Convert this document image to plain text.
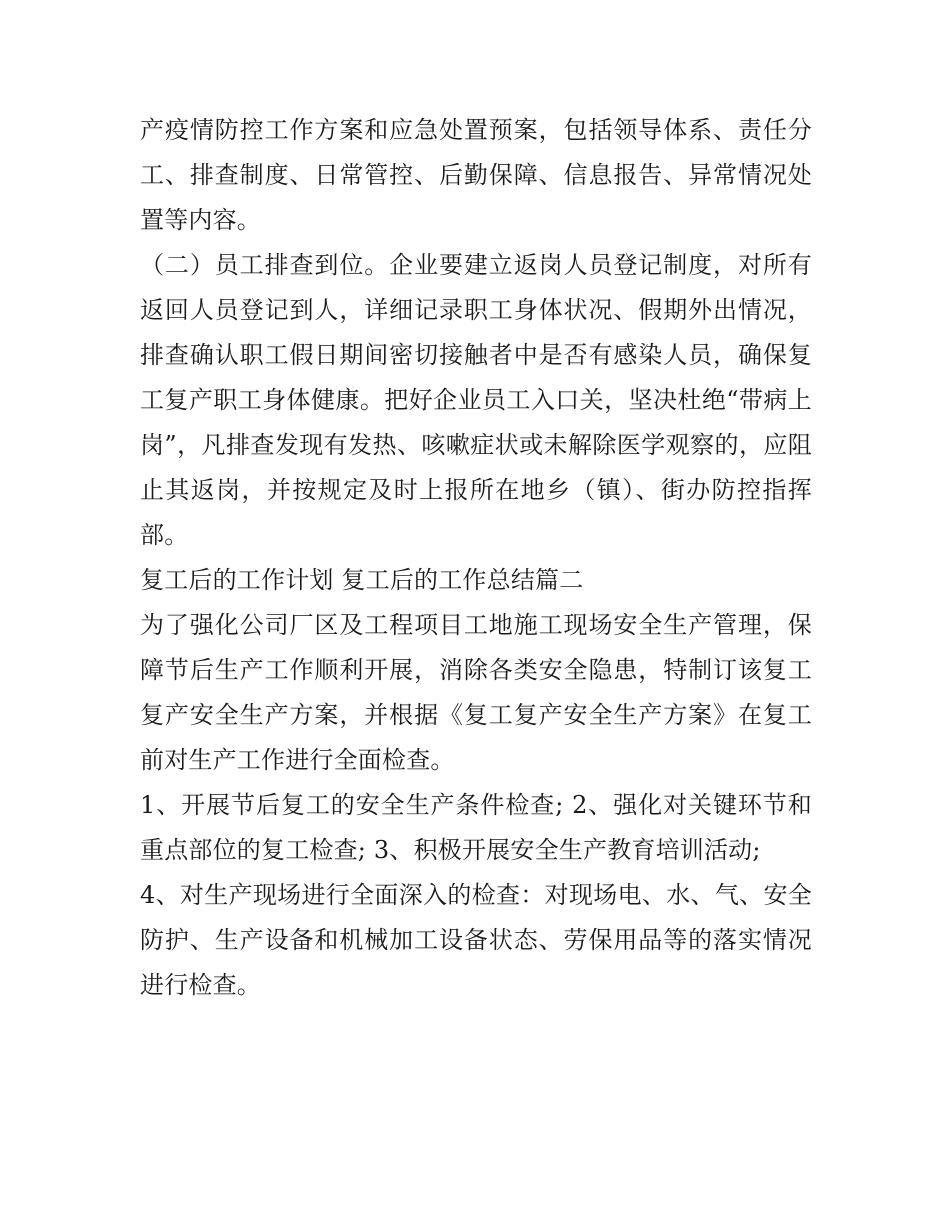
产疫情防控工作方案和应急处置预案，包括领导体系、责任分工、排查制度、日常管控、后勤保障、信息报告、异常情况处置等内容。

（二）员工排查到位。企业要建立返岗人员登记制度，对所有返回人员登记到人，详细记录职工身体状况、假期外出情况，排查确认职工假日期间密切接触者中是否有感染人员，确保复工复产职工身体健康。把好企业员工入口关，坚决杜绝“带病上岗”，凡排查发现有发热、咳嗽症状或未解除医学观察的，应阻止其返岗，并按规定及时上报所在地乡（镇）、街办防控指挥部。

复工后的工作计划 复工后的工作总结篇二

为了强化公司厂区及工程项目工地施工现场安全生产管理，保障节后生产工作顺利开展，消除各类安全隐患，特制订该复工复产安全生产方案，并根据《复工复产安全生产方案》在复工前对生产工作进行全面检查。

1、开展节后复工的安全生产条件检查; 2、强化对关键环节和重点部位的复工检查; 3、积极开展安全生产教育培训活动;

4、对生产现场进行全面深入的检查：对现场电、水、气、安全防护、生产设备和机械加工设备状态、劳保用品等的落实情况进行检查。
